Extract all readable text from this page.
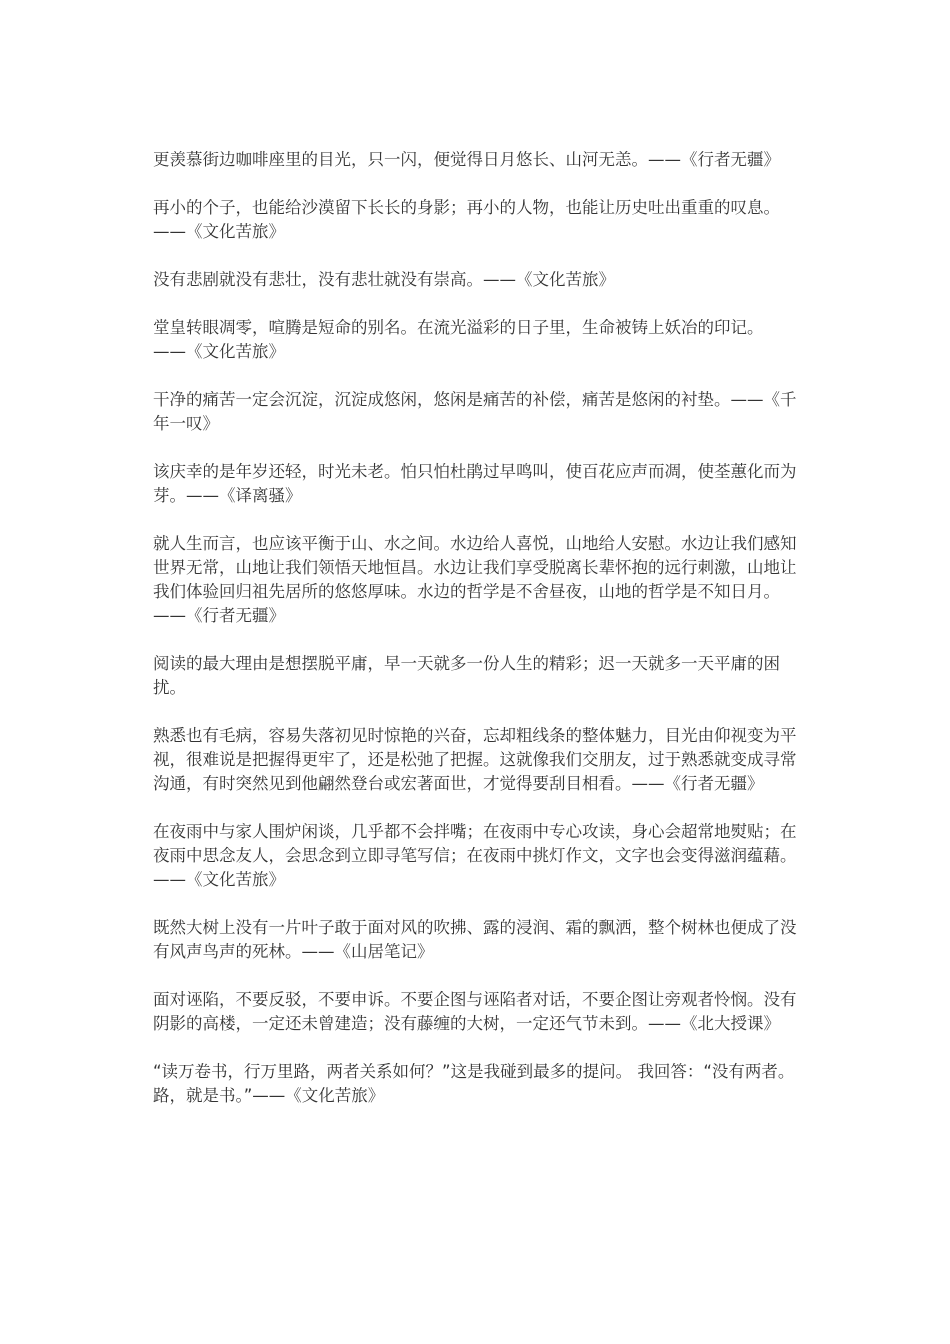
更羡慕街边咖啡座里的目光，只一闪，便觉得日月悠长、山河无恙。——《行者无疆》

再小的个子，也能给沙漠留下长长的身影；再小的人物，也能让历史吐出重重的叹息。——《文化苦旅》

没有悲剧就没有悲壮，没有悲壮就没有崇高。——《文化苦旅》

堂皇转眼凋零，喧腾是短命的别名。在流光溢彩的日子里，生命被铸上妖冶的印记。 ——《文化苦旅》

干净的痛苦一定会沉淀，沉淀成悠闲，悠闲是痛苦的补偿，痛苦是悠闲的衬垫。——《千年一叹》

该庆幸的是年岁还轻，时光未老。怕只怕杜鹃过早鸣叫，使百花应声而凋，使荃蕙化而为芽。——《译离骚》

就人生而言，也应该平衡于山、水之间。水边给人喜悦，山地给人安慰。水边让我们感知世界无常，山地让我们领悟天地恒昌。水边让我们享受脱离长辈怀抱的远行刺激，山地让我们体验回归祖先居所的悠悠厚味。水边的哲学是不舍昼夜，山地的哲学是不知日月。——《行者无疆》

阅读的最大理由是想摆脱平庸，早一天就多一份人生的精彩；迟一天就多一天平庸的困扰。

熟悉也有毛病，容易失落初见时惊艳的兴奋，忘却粗线条的整体魅力，目光由仰视变为平视，很难说是把握得更牢了，还是松弛了把握。这就像我们交朋友，过于熟悉就变成寻常沟通，有时突然见到他翩然登台或宏著面世，才觉得要刮目相看。——《行者无疆》

在夜雨中与家人围炉闲谈，几乎都不会拌嘴；在夜雨中专心攻读，身心会超常地熨贴；在夜雨中思念友人，会思念到立即寻笔写信；在夜雨中挑灯作文，文字也会变得滋润蕴藉。——《文化苦旅》

既然大树上没有一片叶子敢于面对风的吹拂、露的浸润、霜的飘洒，整个树林也便成了没有风声鸟声的死林。——《山居笔记》

面对诬陷，不要反驳，不要申诉。不要企图与诬陷者对话，不要企图让旁观者怜悯。没有阴影的高楼，一定还未曾建造；没有藤缠的大树，一定还气节未到。——《北大授课》

“读万卷书，行万里路，两者关系如何？”这是我碰到最多的提问。 我回答：“没有两者。路，就是书。”——《文化苦旅》
